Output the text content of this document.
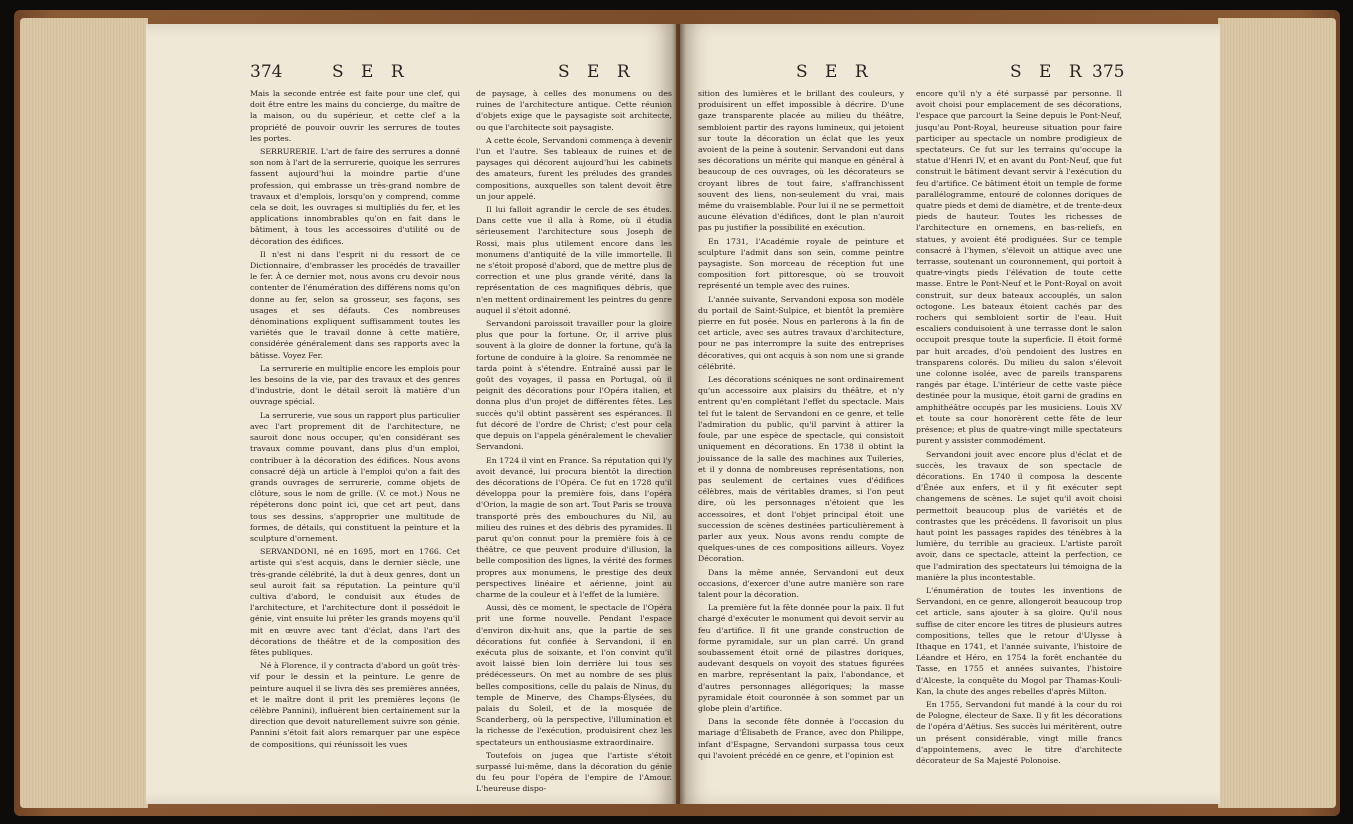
374	S E R	S E R

Mais la seconde entrée est faite pour une clef, qui doit être entre les mains du concierge, du maître de la maison, ou du supérieur, et cette clef a la propriété de pouvoir ouvrir les serrures de toutes les portes.

SERRURERIE. L'art de faire des serrures a donné son nom à l'art de la serrurerie, quoique les serrures fassent aujourd'hui la moindre partie d'une profession, qui embrasse un très-grand nombre de travaux et d'emplois, lorsqu'on y comprend, comme cela se doit, les ouvrages si multipliés du fer, et les applications innombrables qu'on en fait dans le bâtiment, à tous les accessoires d'utilité ou de décoration des édifices.

Il n'est ni dans l'esprit ni du ressort de ce Dictionnaire, d'embrasser les procédés de travailler le fer. À ce dernier mot, nous avons cru devoir nous contenter de l'énumération des différens noms qu'on donne au fer, selon sa grosseur, ses façons, ses usages et ses défauts. Ces nombreuses dénominations expliquent suffisamment toutes les variétés que le travail donne à cette matière, considérée généralement dans ses rapports avec la bâtisse. Voyez Fer.

La serrurerie en multiplie encore les emplois pour les besoins de la vie, par des travaux et des genres d'industrie, dont le détail seroit là matière d'un ouvrage spécial.

La serrurerie, vue sous un rapport plus particulier avec l'art proprement dit de l'architecture, ne sauroit donc nous occuper, qu'en considérant ses travaux comme pouvant, dans plus d'un emploi, contribuer à la décoration des édifices. Nous avons consacré déjà un article à l'emploi qu'on a fait des grands ouvrages de serrurerie, comme objets de clôture, sous le nom de grille. (V. ce mot.) Nous ne répéterons donc point ici, que cet art peut, dans tous ses dessins, s'approprier une multitude de formes, de détails, qui constituent la peinture et la sculpture d'ornement.

SERVANDONI, né en 1695, mort en 1766. Cet artiste qui s'est acquis, dans le dernier siècle, une très-grande célébrité, la dut à deux genres, dont un seul auroit fait sa réputation. La peinture qu'il cultiva d'abord, le conduisit aux études de l'architecture, et l'architecture dont il possédoit le génie, vint ensuite lui prêter les grands moyens qu'il mit en œuvre avec tant d'éclat, dans l'art des décorations de théâtre et de la composition des fêtes publiques.

Né à Florence, il y contracta d'abord un goût très-vif pour le dessin et la peinture. Le genre de peinture auquel il se livra dès ses premières années, et le maître dont il prit les premières leçons (le célèbre Pannini), influèrent bien certainement sur la direction que devoit naturellement suivre son génie. Pannini s'étoit fait alors remarquer par une espèce de compositions, qui réunissoit les vues

de paysage, à celles des monumens ou des ruines de l'architecture antique. Cette réunion d'objets exige que le paysagiste soit architecte, ou que l'architecte soit paysagiste.

A cette école, Servandoni commença à devenir l'un et l'autre. Ses tableaux de ruines et de paysages qui décorent aujourd'hui les cabinets des amateurs, furent les préludes des grandes compositions, auxquelles son talent devoit être un jour appelé.

Il lui falloit agrandir le cercle de ses études. Dans cette vue il alla à Rome, où il étudia sérieusement l'architecture sous Joseph de Rossi, mais plus utilement encore dans les monumens d'antiquité de la ville immortelle. Il ne s'étoit proposé d'abord, que de mettre plus de correction et une plus grande vérité, dans la représentation de ces magnifiques débris, que n'en mettent ordinairement les peintres du genre auquel il s'étoit adonné.

Servandoni paroissoit travailler pour la gloire plus que pour la fortune. Or, il arrive plus souvent à la gloire de donner la fortune, qu'à la fortune de conduire à la gloire. Sa renommée ne tarda point à s'étendre. Entraîné aussi par le goût des voyages, il passa en Portugal, où il peignit des décorations pour l'Opéra italien, et donna plus d'un projet de différentes fêtes. Les succès qu'il obtint passèrent ses espérances. Il fut décoré de l'ordre de Christ; c'est pour cela que depuis on l'appela généralement le chevalier Servandoni.

En 1724 il vint en France. Sa réputation qui l'y avoit devancé, lui procura bientôt la direction des décorations de l'Opéra. Ce fut en 1728 qu'il développa pour la première fois, dans l'opéra d'Orion, la magie de son art. Tout Paris se trouva transporté près des embouchures du Nil, au milieu des ruines et des débris des pyramides. Il parut qu'on connut pour la première fois à ce théâtre, ce que peuvent produire d'illusion, la belle composition des lignes, la vérité des formes propres aux monumens, le prestige des deux perspectives linéaire et aérienne, joint au charme de la couleur et à l'effet de la lumière.

Aussi, dès ce moment, le spectacle de l'Opéra prit une forme nouvelle. Pendant l'espace d'environ dix-huit ans, que la partie de ses décorations fut confiée à Servandoni, il en exécuta plus de soixante, et l'on convint qu'il avoit laissé bien loin derrière lui tous ses prédécesseurs. On met au nombre de ses plus belles compositions, celle du palais de Ninus, du temple de Minerve, des Champs-Élysées, du palais du Soleil, et de la mosquée de Scanderberg, où la perspective, l'illumination et la richesse de l'exécution, produisirent chez les spectateurs un enthousiasme extraordinaire.

Toutefois on jugea que l'artiste s'étoit surpassé lui-même, dans la décoration du génie du feu pour l'opéra de l'empire de l'Amour. L'heureuse dispo-

S E R	S E R 375

sition des lumières et le brillant des couleurs, y produisirent un effet impossible à décrire. D'une gaze transparente placée au milieu du théâtre, sembloient partir des rayons lumineux, qui jetoient sur toute la décoration un éclat que les yeux avoient de la peine à soutenir. Servandoni eut dans ses décorations un mérite qui manque en général à beaucoup de ces ouvrages, où les décorateurs se croyant libres de tout faire, s'affranchissent souvent des liens, non-seulement du vrai, mais même du vraisemblable. Pour lui il ne se permettoit aucune élévation d'édifices, dont le plan n'auroit pas pu justifier la possibilité en exécution.

En 1731, l'Académie royale de peinture et sculpture l'admit dans son sein, comme peintre paysagiste. Son morceau de réception fut une composition fort pittoresque, où se trouvoit représenté un temple avec des ruines.

L'année suivante, Servandoni exposa son modèle du portail de Saint-Sulpice, et bientôt la première pierre en fut posée. Nous en parlerons à la fin de cet article, avec ses autres travaux d'architecture, pour ne pas interrompre la suite des entreprises décoratives, qui ont acquis à son nom une si grande célébrité.

Les décorations scéniques ne sont ordinairement qu'un accessoire aux plaisirs du théâtre, et n'y entrent qu'en complétant l'effet du spectacle. Mais tel fut le talent de Servandoni en ce genre, et telle l'admiration du public, qu'il parvint à attirer la foule, par une espèce de spectacle, qui consistoit uniquement en décorations. En 1738 il obtint la jouissance de la salle des machines aux Tuileries, et il y donna de nombreuses représentations, non pas seulement de certaines vues d'édifices célèbres, mais de véritables drames, si l'on peut dire, où les personnages n'étoient que les accessoires, et dont l'objet principal étoit une succession de scènes destinées particulièrement à parler aux yeux. Nous avons rendu compte de quelques-unes de ces compositions ailleurs. Voyez Décoration.

Dans la même année, Servandoni eut deux occasions, d'exercer d'une autre manière son rare talent pour la décoration.

La première fut la fête donnée pour la paix. Il fut chargé d'exécuter le monument qui devoit servir au feu d'artifice. Il fit une grande construction de forme pyramidale, sur un plan carré. Un grand soubassement étoit orné de pilastres doriques, audevant desquels on voyoit des statues figurées en marbre, représentant la paix, l'abondance, et d'autres personnages allégoriques; la masse pyramidale étoit couronnée à son sommet par un globe plein d'artifice.

Dans la seconde fête donnée à l'occasion du mariage d'Élisabeth de France, avec don Philippe, infant d'Espagne, Servandoni surpassa tous ceux qui l'avoient précédé en ce genre, et l'opinion est

encore qu'il n'y a été surpassé par personne. Il avoit choisi pour emplacement de ses décorations, l'espace que parcourt la Seine depuis le Pont-Neuf, jusqu'au Pont-Royal, heureuse situation pour faire participer au spectacle un nombre prodigieux de spectateurs. Ce fut sur les terrains qu'occupe la statue d'Henri IV, et en avant du Pont-Neuf, que fut construit le bâtiment devant servir à l'exécution du feu d'artifice. Ce bâtiment étoit un temple de forme parallélogramme, entouré de colonnes doriques de quatre pieds et demi de diamètre, et de trente-deux pieds de hauteur. Toutes les richesses de l'architecture en ornemens, en bas-reliefs, en statues, y avoient été prodiguées. Sur ce temple consacré à l'hymen, s'élevoit un attique avec une terrasse, soutenant un couronnement, qui portoit à quatre-vingts pieds l'élévation de toute cette masse. Entre le Pont-Neuf et le Pont-Royal on avoit construit, sur deux bateaux accouplés, un salon octogone. Les bateaux étoient cachés par des rochers qui sembloient sortir de l'eau. Huit escaliers conduisoient à une terrasse dont le salon occupoit presque toute la superficie. Il étoit formé par huit arcades, d'où pendoient des lustres en transparens colorés. Du milieu du salon s'élevoit une colonne isolée, avec de pareils transparens rangés par étage. L'intérieur de cette vaste pièce destinée pour la musique, étoit garni de gradins en amphithéâtre occupés par les musiciens. Louis XV et toute sa cour honorèrent cette fête de leur présence; et plus de quatre-vingt mille spectateurs purent y assister commodément.

Servandoni jouit avec encore plus d'éclat et de succès, les travaux de son spectacle de décorations. En 1740 il composa la descente d'Énée aux enfers, et il y fit exécuter sept changemens de scènes. Le sujet qu'il avoit choisi permettoit beaucoup plus de variétés et de contrastes que les précédens. Il favorisoit un plus haut point les passages rapides des ténèbres à la lumière, du terrible au gracieux. L'artiste paroît avoir, dans ce spectacle, atteint la perfection, ce que l'admiration des spectateurs lui témoigna de la manière la plus incontestable.

L'énumération de toutes les inventions de Servandoni, en ce genre, allongeroit beaucoup trop cet article, sans ajouter à sa gloire. Qu'il nous suffise de citer encore les titres de plusieurs autres compositions, telles que le retour d'Ulysse à Ithaque en 1741, et l'année suivante, l'histoire de Léandre et Héro, en 1754 la forêt enchantée du Tasse, en 1755 et années suivantes, l'histoire d'Alceste, la conquête du Mogol par Thamas-Kouli-Kan, la chute des anges rebelles d'après Milton.

En 1755, Servandoni fut mandé à la cour du roi de Pologne, électeur de Saxe. Il y fit les décorations de l'opéra d'Aëtius. Ses succès lui méritèrent, outre un présent considérable, vingt mille francs d'appointemens, avec le titre d'architecte décorateur de Sa Majesté Polonoise.
